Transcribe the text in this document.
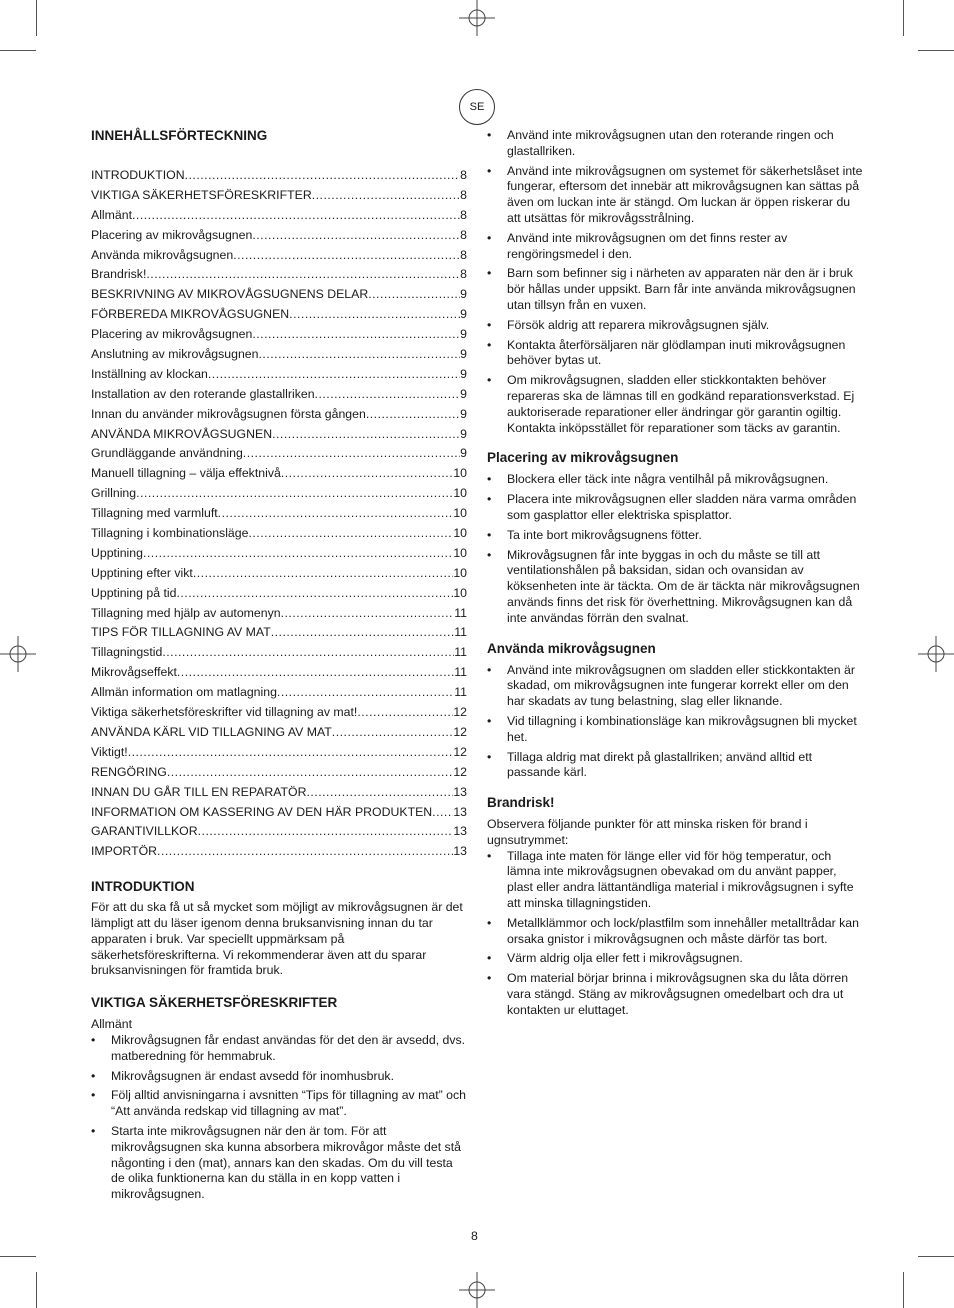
SE
INNEHÅLLSFÖRTECKNING
INTRODUKTION .....	8
VIKTIGA SÄKERHETSFÖRESKRIFTER .....	8
Allmänt .....	8
Placering av mikrovågsugnen .....	8
Använda mikrovågsugnen .....	8
Brandrisk! .....	8
BESKRIVNING AV MIKROVÅGSUGNENS DELAR .....	9
FÖRBEREDA MIKROVÅGSUGNEN .....	9
Placering av mikrovågsugnen .....	9
Anslutning av mikrovågsugnen .....	9
Inställning av klockan .....	9
Installation av den roterande glastallriken .....	9
Innan du använder mikrovågsugnen första gången .....	9
ANVÄNDA MIKROVÅGSUGNEN .....	9
Grundläggande användning .....	9
Manuell tillagning – välja effektnivå .....	10
Grillning .....	10
Tillagning med varmluft .....	10
Tillagning i kombinationsläge .....	10
Upptining .....	10
Upptining efter vikt .....	10
Upptining på tid .....	10
Tillagning med hjälp av automenyn .....	11
TIPS FÖR TILLAGNING AV MAT .....	11
Tillagningstid .....	11
Mikrovågseffekt .....	11
Allmän information om matlagning .....	11
Viktiga säkerhetsföreskrifter vid tillagning av mat! .....	12
ANVÄNDA KÄRL VID TILLAGNING AV MAT .....	12
Viktigt! .....	12
RENGÖRING .....	12
INNAN DU GÅR TILL EN REPARATÖR .....	13
INFORMATION OM KASSERING AV DEN HÄR PRODUKTEN ..... 13
GARANTIVILLKOR .....	13
IMPORTÖR .....	13
INTRODUKTION

För att du ska få ut så mycket som möjligt av mikrovågsugnen är det lämpligt att du läser igenom denna bruksanvisning innan du tar apparaten i bruk. Var speciellt uppmärksam på säkerhetsföreskrifterna. Vi rekommenderar även att du sparar bruksanvisningen för framtida bruk.

VIKTIGA SÄKERHETSFÖRESKRIFTER

Allmänt

• Mikrovågsugnen får endast användas för det den är avsedd, dvs. matberedning för hemmabruk.
• Mikrovågsugnen är endast avsedd för inomhusbruk.
• Följ alltid anvisningarna i avsnitten “Tips för tillagning av mat” och “Att använda redskap vid tillagning av mat”.
• Starta inte mikrovågsugnen när den är tom. För att mikrovågsugnen ska kunna absorbera mikrovågor måste det stå någonting i den (mat), annars kan den skadas. Om du vill testa de olika funktionerna kan du ställa in en kopp vatten i mikrovågsugnen.
• Använd inte mikrovågsugnen utan den roterande ringen och glastallriken.
• Använd inte mikrovågsugnen om systemet för säkerhetslåset inte fungerar, eftersom det innebär att mikrovågsugnen kan sättas på även om luckan inte är stängd. Om luckan är öppen riskerar du att utsättas för mikrovågsstrålning.
• Använd inte mikrovågsugnen om det finns rester av rengöringsmedel i den.
• Barn som befinner sig i närheten av apparaten när den är i bruk bör hållas under uppsikt. Barn får inte använda mikrovågsugnen utan tillsyn från en vuxen.
• Försök aldrig att reparera mikrovågsugnen själv.
• Kontakta återförsäljaren när glödlampan inuti mikrovågsugnen behöver bytas ut.
• Om mikrovågsugnen, sladden eller stickkontakten behöver repareras ska de lämnas till en godkänd reparationsverkstad. Ej auktoriserade reparationer eller ändringar gör garantin ogiltig. Kontakta inköpsstället för reparationer som täcks av garantin.
Placering av mikrovågsugnen
• Blockera eller täck inte några ventilhål på mikrovågsugnen.
• Placera inte mikrovågsugnen eller sladden nära varma områden som gasplattor eller elektriska spisplattor.
• Ta inte bort mikrovågsugnens fötter.
• Mikrovågsugnen får inte byggas in och du måste se till att ventilationshålen på baksidan, sidan och ovansidan av köksenheten inte är täckta. Om de är täckta när mikrovågsugnen används finns det risk för överhettning. Mikrovågsugnen kan då inte användas förrän den svalnat.
Använda mikrovågsugnen
• Använd inte mikrovågsugnen om sladden eller stickkontakten är skadad, om mikrovågsugnen inte fungerar korrekt eller om den har skadats av tung belastning, slag eller liknande.
• Vid tillagning i kombinationsläge kan mikrovågsugnen bli mycket het.
• Tillaga aldrig mat direkt på glastallriken; använd alltid ett passande kärl.
Brandrisk!

Observera följande punkter för att minska risken för brand i ugnsutrymmet:

• Tillaga inte maten för länge eller vid för hög temperatur, och lämna inte mikrovågsugnen obevakad om du använt papper, plast eller andra lättantändliga material i mikrovågsugnen i syfte att minska tillagningstiden.
• Metallklämmor och lock/plastfilm som innehåller metalltrådar kan orsaka gnistor i mikrovågsugnen och måste därför tas bort.
• Värm aldrig olja eller fett i mikrovågsugnen.
• Om material börjar brinna i mikrovågsugnen ska du låta dörren vara stängd. Stäng av mikrovågsugnen omedelbart och dra ut kontakten ur eluttaget.
8
